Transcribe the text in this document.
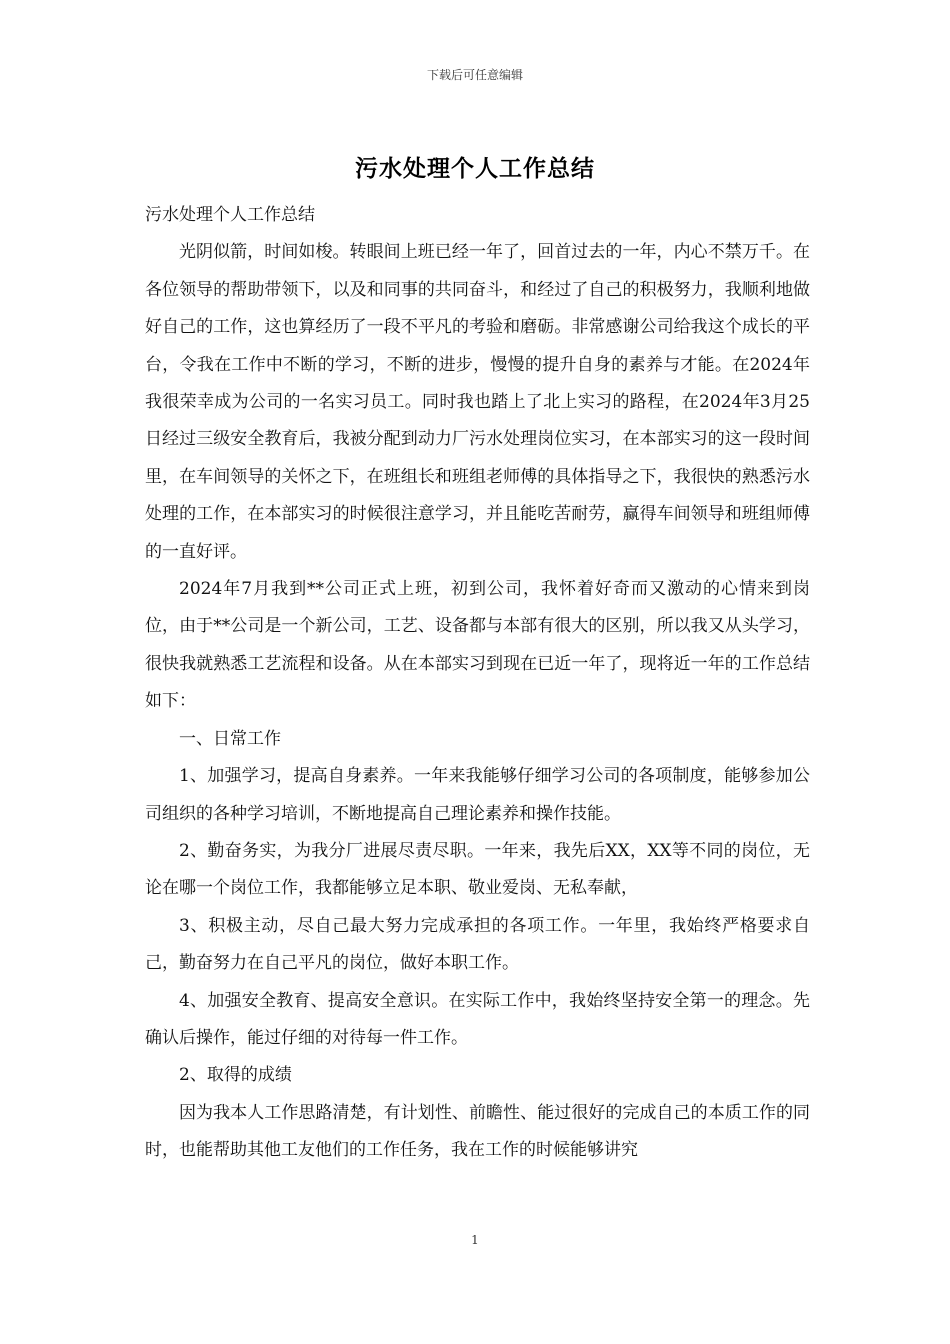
下载后可任意编辑
污水处理个人工作总结

污水处理个人工作总结

光阴似箭，时间如梭。转眼间上班已经一年了，回首过去的一年，内心不禁万千。在各位领导的帮助带领下，以及和同事的共同奋斗，和经过了自己的积极努力，我顺利地做好自己的工作，这也算经历了一段不平凡的考验和磨砺。非常感谢公司给我这个成长的平台，令我在工作中不断的学习，不断的进步，慢慢的提升自身的素养与才能。在2024年我很荣幸成为公司的一名实习员工。同时我也踏上了北上实习的路程，在2024年3月25日经过三级安全教育后，我被分配到动力厂污水处理岗位实习，在本部实习的这一段时间里，在车间领导的关怀之下，在班组长和班组老师傅的具体指导之下，我很快的熟悉污水处理的工作，在本部实习的时候很注意学习，并且能吃苦耐劳，赢得车间领导和班组师傅的一直好评。

2024年7月我到**公司正式上班，初到公司，我怀着好奇而又激动的心情来到岗位，由于**公司是一个新公司，工艺、设备都与本部有很大的区别，所以我又从头学习，很快我就熟悉工艺流程和设备。从在本部实习到现在已近一年了，现将近一年的工作总结如下：

一、日常工作

1、加强学习，提高自身素养。一年来我能够仔细学习公司的各项制度，能够参加公司组织的各种学习培训，不断地提高自己理论素养和操作技能。

2、勤奋务实，为我分厂进展尽责尽职。一年来，我先后XX，XX等不同的岗位，无论在哪一个岗位工作，我都能够立足本职、敬业爱岗、无私奉献，

3、积极主动，尽自己最大努力完成承担的各项工作。一年里，我始终严格要求自己，勤奋努力在自己平凡的岗位，做好本职工作。

4、加强安全教育、提高安全意识。在实际工作中，我始终坚持安全第一的理念。先确认后操作，能过仔细的对待每一件工作。

2、取得的成绩

因为我本人工作思路清楚，有计划性、前瞻性、能过很好的完成自己的本质工作的同时，也能帮助其他工友他们的工作任务，我在工作的时候能够讲究

1
